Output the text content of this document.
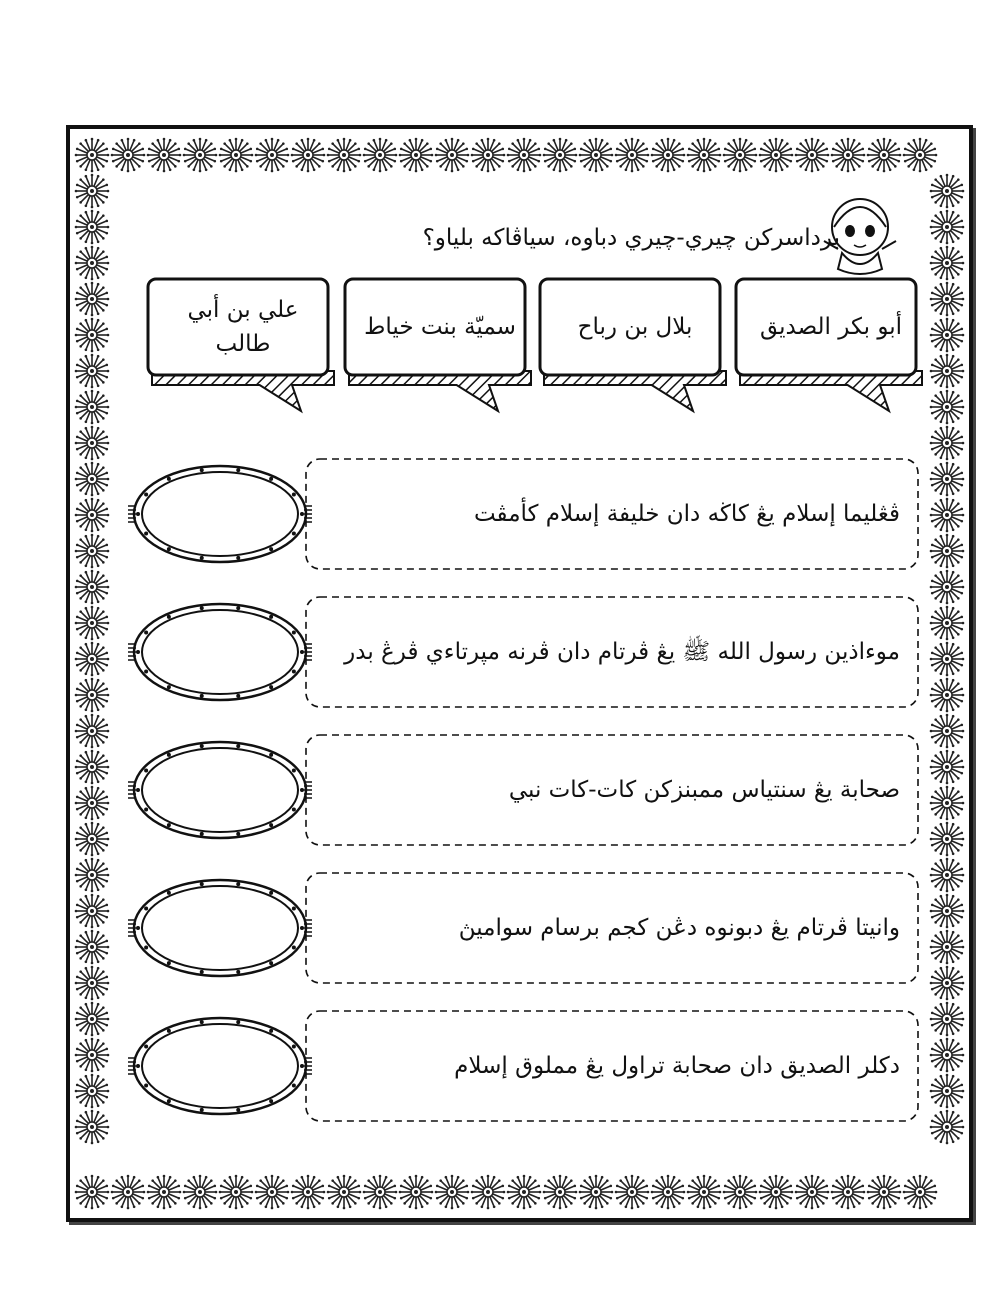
برداسركن چيري-چيري دباوه، سياڤاكه بلياو؟
أبو بكر الصديق
بلال بن رباح
سميّة بنت خياط
علي بن أبي طالب
ڤڠليما إسلام يڠ كاڬه دان خليفة إسلام كأمڤت
موءاذين رسول الله ﷺ يڠ ڤرتام دان ڤرنه مڽرتاءي ڤرڠ بدر
صحابة يڠ سنتياس ممبنزكن كات-كات نبي
وانيتا ڤرتام يڠ دبونوه دڠن كجم برسام سواميڽ
دكلر الصديق دان صحابة تراول يڠ مملوق إسلام
